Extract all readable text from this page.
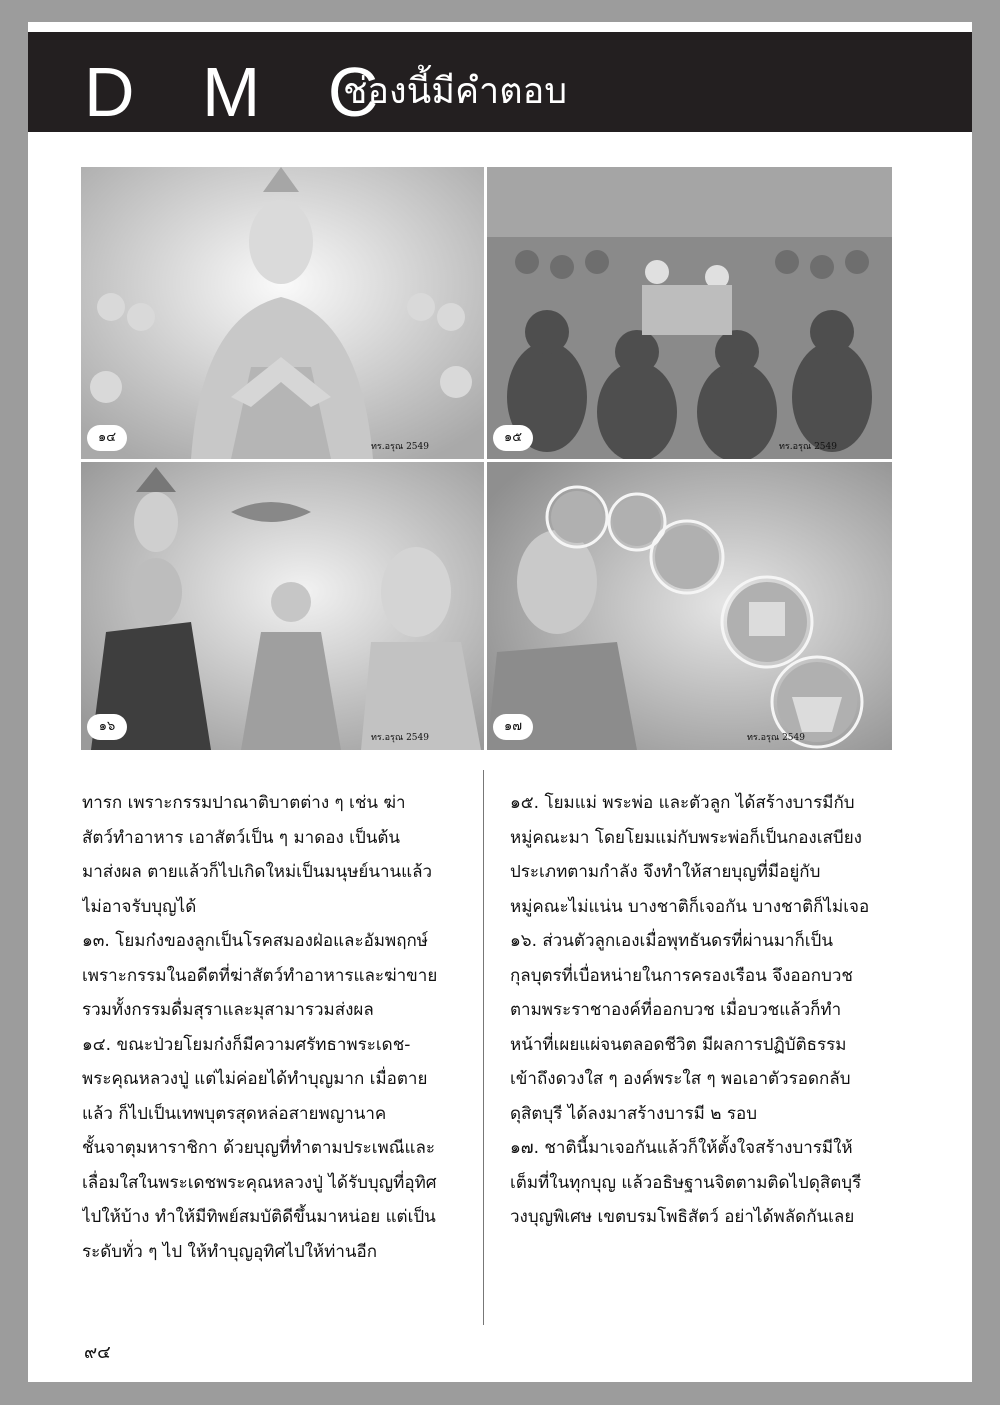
D M C
ช่องนี้มีคำตอบ
๑๔
ทร.อรุณ 2549
๑๕
ทร.อรุณ 2549
๑๖
ทร.อรุณ 2549
๑๗
ทร.อรุณ 2549

ทารก เพราะกรรมปาณาติบาตต่าง ๆ เช่น ฆ่า

สัตว์ทำอาหาร เอาสัตว์เป็น ๆ มาดอง เป็นต้น

มาส่งผล ตายแล้วก็ไปเกิดใหม่เป็นมนุษย์นานแล้ว

ไม่อาจรับบุญได้

๑๓. โยมก๋งของลูกเป็นโรคสมองฝ่อและอัมพฤกษ์

เพราะกรรมในอดีตที่ฆ่าสัตว์ทำอาหารและฆ่าขาย

รวมทั้งกรรมดื่มสุราและมุสามารวมส่งผล

๑๔. ขณะป่วยโยมก๋งก็มีความศรัทธาพระเดช-

พระคุณหลวงปู่ แต่ไม่ค่อยได้ทำบุญมาก เมื่อตาย

แล้ว ก็ไปเป็นเทพบุตรสุดหล่อสายพญานาค

ชั้นจาตุมหาราชิกา ด้วยบุญที่ทำตามประเพณีและ

เลื่อมใสในพระเดชพระคุณหลวงปู่ ได้รับบุญที่อุทิศ

ไปให้บ้าง ทำให้มีทิพย์สมบัติดีขึ้นมาหน่อย แต่เป็น

ระดับทั่ว ๆ ไป ให้ทำบุญอุทิศไปให้ท่านอีก

๑๕. โยมแม่ พระพ่อ และตัวลูก ได้สร้างบารมีกับ

หมู่คณะมา โดยโยมแม่กับพระพ่อก็เป็นกองเสบียง

ประเภทตามกำลัง จึงทำให้สายบุญที่มีอยู่กับ

หมู่คณะไม่แน่น บางชาติก็เจอกัน บางชาติก็ไม่เจอ

๑๖. ส่วนตัวลูกเองเมื่อพุทธันดรที่ผ่านมาก็เป็น

กุลบุตรที่เบื่อหน่ายในการครองเรือน จึงออกบวช

ตามพระราชาองค์ที่ออกบวช เมื่อบวชแล้วก็ทำ

หน้าที่เผยแผ่จนตลอดชีวิต มีผลการปฏิบัติธรรม

เข้าถึงดวงใส ๆ องค์พระใส ๆ พอเอาตัวรอดกลับ

ดุสิตบุรี ได้ลงมาสร้างบารมี ๒ รอบ

๑๗. ชาตินี้มาเจอกันแล้วก็ให้ตั้งใจสร้างบารมีให้

เต็มที่ในทุกบุญ แล้วอธิษฐานจิตตามติดไปดุสิตบุรี

วงบุญพิเศษ เขตบรมโพธิสัตว์ อย่าได้พลัดกันเลย

๙๔
